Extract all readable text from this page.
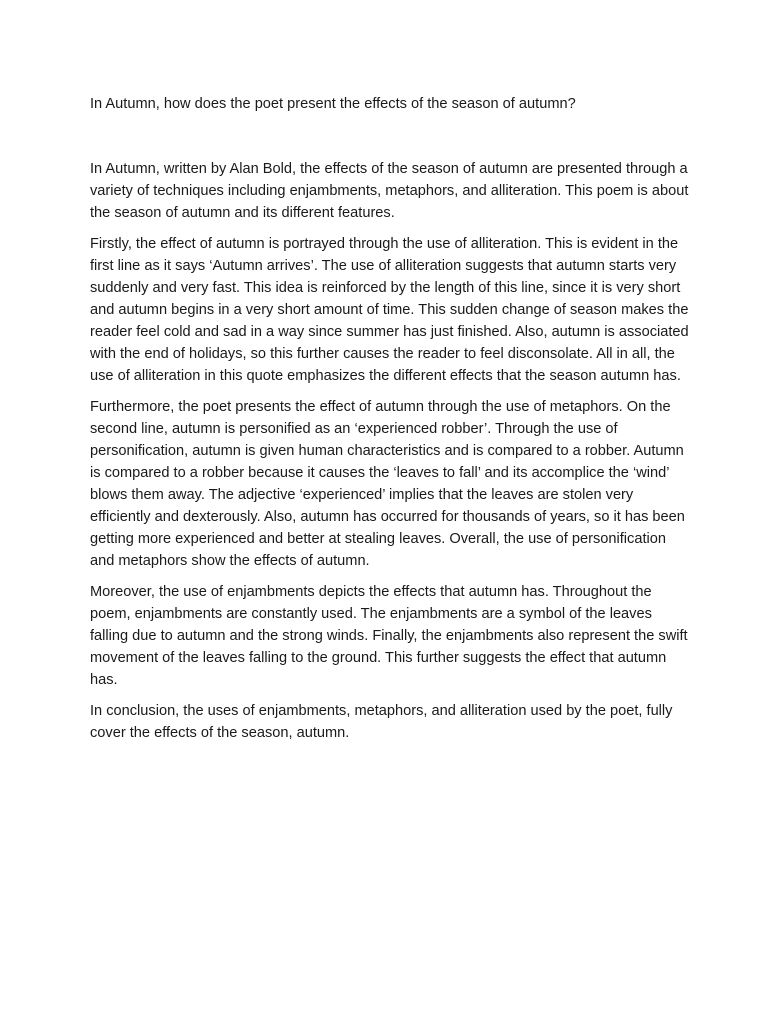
In Autumn, how does the poet present the effects of the season of autumn?

In Autumn, written by Alan Bold, the effects of the season of autumn are presented through a variety of techniques including enjambments, metaphors, and alliteration. This poem is about the season of autumn and its different features.

Firstly, the effect of autumn is portrayed through the use of alliteration. This is evident in the first line as it says ‘Autumn arrives’. The use of alliteration suggests that autumn starts very suddenly and very fast. This idea is reinforced by the length of this line, since it is very short and autumn begins in a very short amount of time. This sudden change of season makes the reader feel cold and sad in a way since summer has just finished. Also, autumn is associated with the end of holidays, so this further causes the reader to feel disconsolate. All in all, the use of alliteration in this quote emphasizes the different effects that the season autumn has.

Furthermore, the poet presents the effect of autumn through the use of metaphors. On the second line, autumn is personified as an ‘experienced robber’. Through the use of personification, autumn is given human characteristics and is compared to a robber. Autumn is compared to a robber because it causes the ‘leaves to fall’ and its accomplice the ‘wind’ blows them away. The adjective ‘experienced’ implies that the leaves are stolen very efficiently and dexterously. Also, autumn has occurred for thousands of years, so it has been getting more experienced and better at stealing leaves. Overall, the use of personification and metaphors show the effects of autumn.

Moreover, the use of enjambments depicts the effects that autumn has. Throughout the poem, enjambments are constantly used. The enjambments are a symbol of the leaves falling due to autumn and the strong winds. Finally, the enjambments also represent the swift movement of the leaves falling to the ground. This further suggests the effect that autumn has.

In conclusion, the uses of enjambments, metaphors, and alliteration used by the poet, fully cover the effects of the season, autumn.
